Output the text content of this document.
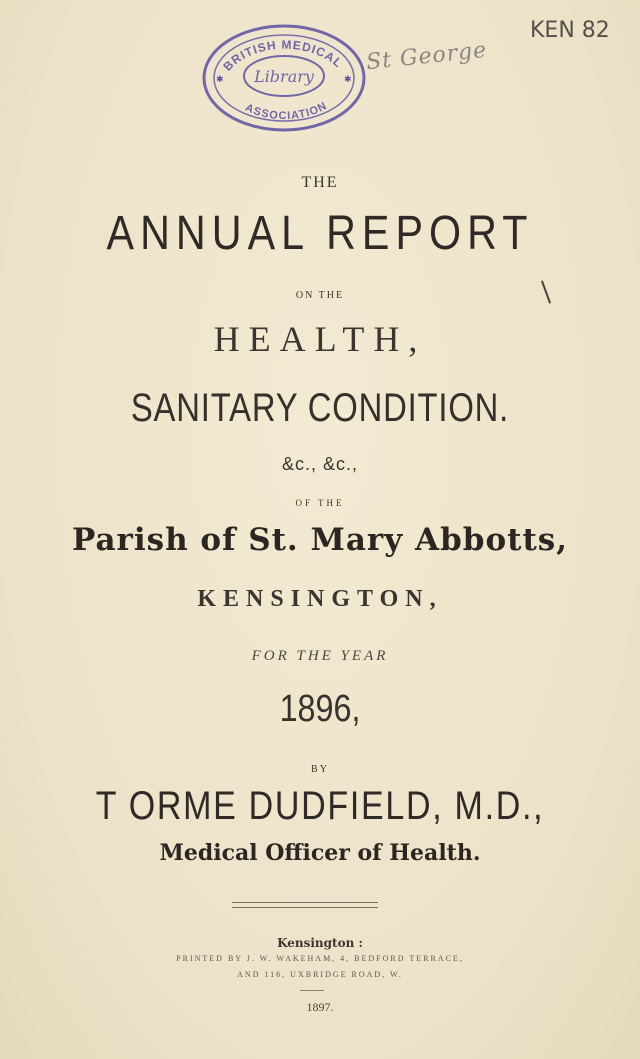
BRITISH MEDICAL
Library
ASSOCIATION
✱	✱
St George
KEN 82
THE
ANNUAL REPORT
ON THE
HEALTH,
SANITARY CONDITION.
&c., &c.,
OF THE
Parish of St. Mary Abbotts,
KENSINGTON,
FOR THE YEAR
1896,
BY
T ORME DUDFIELD, M.D.,
Medical Officer of Health.
Kensington :
PRINTED BY J. W. WAKEHAM, 4, BEDFORD TERRACE,
AND 116, UXBRIDGE ROAD, W.
1897.
